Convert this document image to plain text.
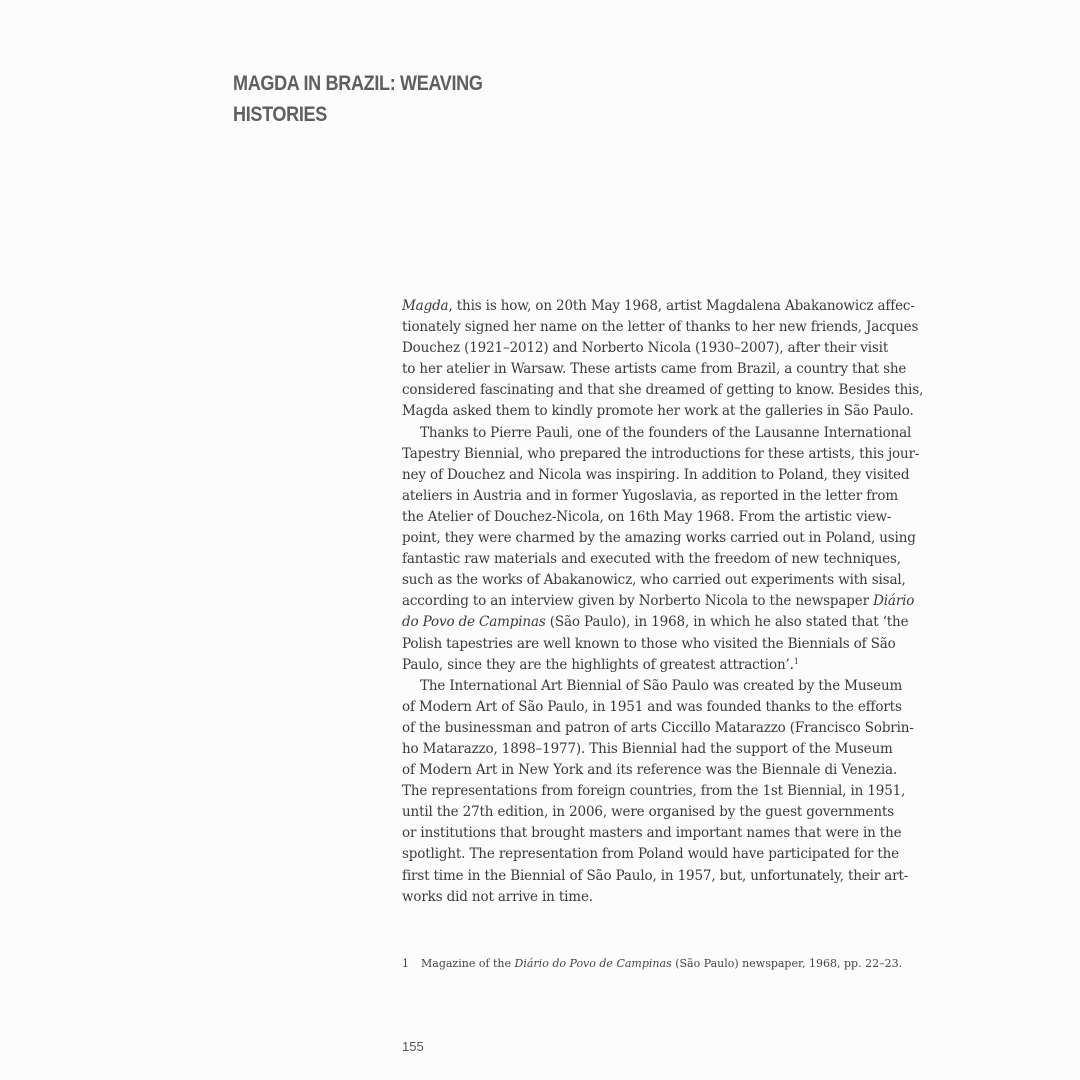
MAGDA IN BRAZIL: WEAVING
HISTORIES
Magda, this is how, on 20th May 1968, artist Magdalena Abakanowicz affec-
tionately signed her name on the letter of thanks to her new friends, Jacques
Douchez (1921–2012) and Norberto Nicola (1930–2007), after their visit
to her atelier in Warsaw. These artists came from Brazil, a country that she
considered fascinating and that she dreamed of getting to know. Besides this,
Magda asked them to kindly promote her work at the galleries in São Paulo.
Thanks to Pierre Pauli, one of the founders of the Lausanne International
Tapestry Biennial, who prepared the introductions for these artists, this jour-
ney of Douchez and Nicola was inspiring. In addition to Poland, they visited
ateliers in Austria and in former Yugoslavia, as reported in the letter from
the Atelier of Douchez-Nicola, on 16th May 1968. From the artistic view-
point, they were charmed by the amazing works carried out in Poland, using
fantastic raw materials and executed with the freedom of new techniques,
such as the works of Abakanowicz, who carried out experiments with sisal,
according to an interview given by Norberto Nicola to the newspaper Diário
do Povo de Campinas (São Paulo), in 1968, in which he also stated that ‘the
Polish tapestries are well known to those who visited the Biennials of São
Paulo, since they are the highlights of greatest attraction’.$^1$
The International Art Biennial of São Paulo was created by the Museum
of Modern Art of São Paulo, in 1951 and was founded thanks to the efforts
of the businessman and patron of arts Ciccillo Matarazzo (Francisco Sobrin-
ho Matarazzo, 1898–1977). This Biennial had the support of the Museum
of Modern Art in New York and its reference was the Biennale di Venezia.
The representations from foreign countries, from the 1st Biennial, in 1951,
until the 27th edition, in 2006, were organised by the guest governments
or institutions that brought masters and important names that were in the
spotlight. The representation from Poland would have participated for the
first time in the Biennial of São Paulo, in 1957, but, unfortunately, their art-
works did not arrive in time.
1 Magazine of the Diário do Povo de Campinas (São Paulo) newspaper, 1968, pp. 22–23.

155
